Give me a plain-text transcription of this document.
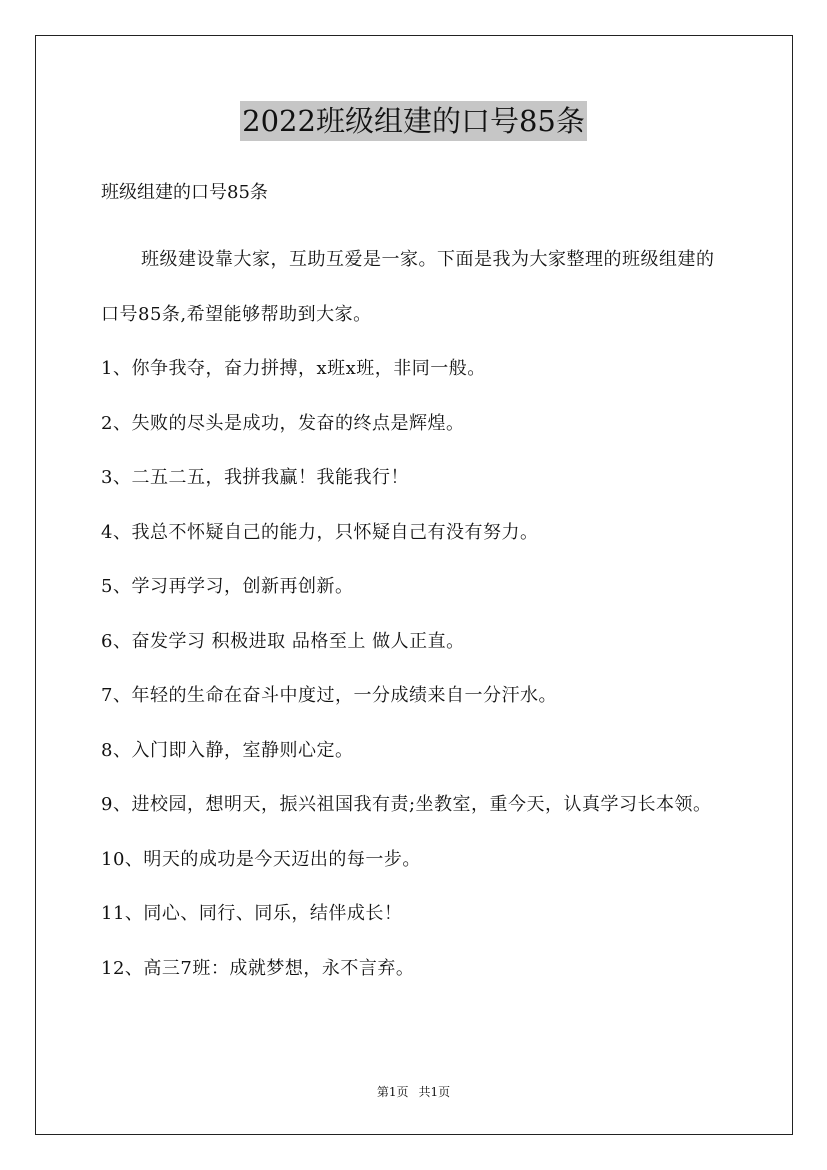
2022班级组建的口号85条

班级组建的口号85条

班级建设靠大家，互助互爱是一家。下面是我为大家整理的班级组建的口号85条,希望能够帮助到大家。

1、你争我夺，奋力拼搏，x班x班，非同一般。
2、失败的尽头是成功，发奋的终点是辉煌。
3、二五二五，我拼我赢！我能我行！
4、我总不怀疑自己的能力，只怀疑自己有没有努力。
5、学习再学习，创新再创新。
6、奋发学习 积极进取 品格至上 做人正直。
7、年轻的生命在奋斗中度过，一分成绩来自一分汗水。
8、入门即入静，室静则心定。
9、进校园，想明天，振兴祖国我有责;坐教室，重今天，认真学习长本领。
10、明天的成功是今天迈出的每一步。
11、同心、同行、同乐，结伴成长！
12、高三7班：成就梦想，永不言弃。

第1页 共1页
